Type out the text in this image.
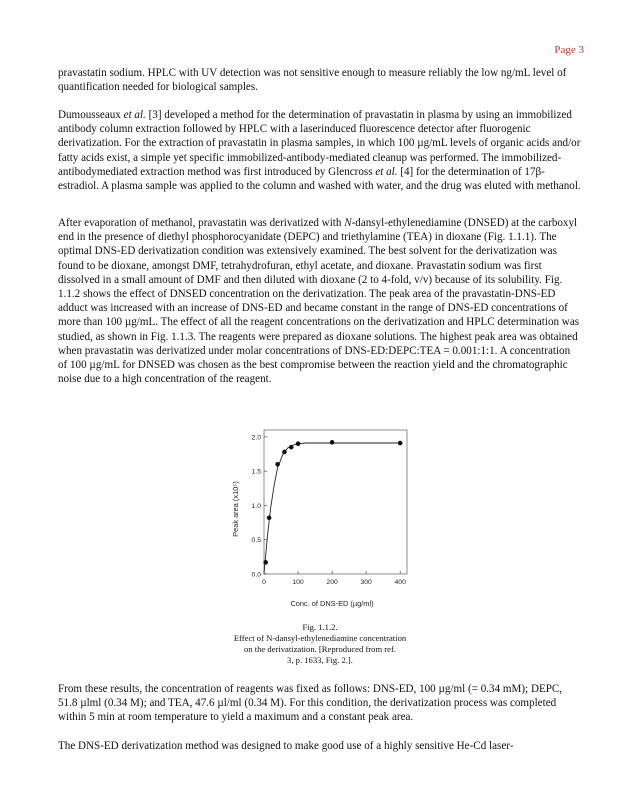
Page 3

pravastatin sodium. HPLC with UV detection was not sensitive enough to measure reliably the low ng/mL level of quantification needed for biological samples.

Dumousseaux et al. [3] developed a method for the determination of pravastatin in plasma by using an immobilized antibody column extraction followed by HPLC with a laserinduced fluorescence detector after fluorogenic derivatization. For the extraction of pravastatin in plasma samples, in which 100 µg/mL levels of organic acids and/or fatty acids exist, a simple yet specific immobilized-antibody-mediated cleanup was performed. The immobilized-antibodymediated extraction method was first introduced by Glencross et al. [4] for the determination of 17β-estradiol. A plasma sample was applied to the column and washed with water, and the drug was eluted with methanol.

After evaporation of methanol, pravastatin was derivatized with N-dansyl-ethylenediamine (DNSED) at the carboxyl end in the presence of diethyl phosphorocyanidate (DEPC) and triethylamine (TEA) in dioxane (Fig. 1.1.1). The optimal DNS-ED derivatization condition was extensively examined. The best solvent for the derivatization was found to be dioxane, amongst DMF, tetrahydrofuran, ethyl acetate, and dioxane. Pravastatin sodium was first dissolved in a small amount of DMF and then diluted with dioxane (2 to 4-fold, v/v) because of its solubility. Fig. 1.1.2 shows the effect of DNSED concentration on the derivatization. The peak area of the pravastatin-DNS-ED adduct was increased with an increase of DNS-ED and became constant in the range of DNS-ED concentrations of more than 100 µg/mL. The effect of all the reagent concentrations on the derivatization and HPLC determination was studied, as shown in Fig. 1.1.3. The reagents were prepared as dioxane solutions. The highest peak area was obtained when pravastatin was derivatized under molar concentrations of DNS-ED:DEPC:TEA = 0.001:1:1. A concentration of 100 µg/mL for DNSED was chosen as the best compromise between the reaction yield and the chromatographic noise due to a high concentration of the reagent.

0	100	200	300	400
0.0
0.5
1.0
1.5
2.0
Conc. of DNS-ED (µg/ml)
Peak area (x10⁵)
Fig. 1.1.2.
Effect of N-dansyl-ethylenediamine concentration
on the derivatization. [Reproduced from ref.
3, p. 1633, Fig. 2.].

From these results, the concentration of reagents was fixed as follows: DNS-ED, 100 µg/ml (= 0.34 mM); DEPC, 51.8 µlml (0.34 M); and TEA, 47.6 µl/ml (0.34 M). For this condition, the derivatization process was completed within 5 min at room temperature to yield a maximum and a constant peak area.

The DNS-ED derivatization method was designed to make good use of a highly sensitive He-Cd laser-
